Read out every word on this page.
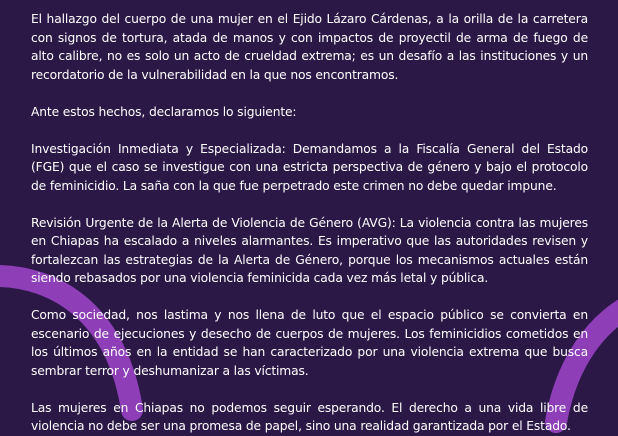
El hallazgo del cuerpo de una mujer en el Ejido Lázaro Cárdenas, a la orilla de la carretera con signos de tortura, atada de manos y con impactos de proyectil de arma de fuego de alto calibre, no es solo un acto de crueldad extrema; es un desafío a las instituciones y un recordatorio de la vulnerabilidad en la que nos encontramos.

Ante estos hechos, declaramos lo siguiente:

Investigación Inmediata y Especializada: Demandamos a la Fiscalía General del Estado (FGE) que el caso se investigue con una estricta perspectiva de género y bajo el protocolo de feminicidio. La saña con la que fue perpetrado este crimen no debe quedar impune.

Revisión Urgente de la Alerta de Violencia de Género (AVG): La violencia contra las mujeres en Chiapas ha escalado a niveles alarmantes. Es imperativo que las autoridades revisen y fortalezcan las estrategias de la Alerta de Género, porque los mecanismos actuales están siendo rebasados por una violencia feminicida cada vez más letal y pública.

Como sociedad, nos lastima y nos llena de luto que el espacio público se convierta en escenario de ejecuciones y desecho de cuerpos de mujeres. Los feminicidios cometidos en los últimos años en la entidad se han caracterizado por una violencia extrema que busca sembrar terror y deshumanizar a las víctimas.

Las mujeres en Chiapas no podemos seguir esperando. El derecho a una vida libre de violencia no debe ser una promesa de papel, sino una realidad garantizada por el Estado.
